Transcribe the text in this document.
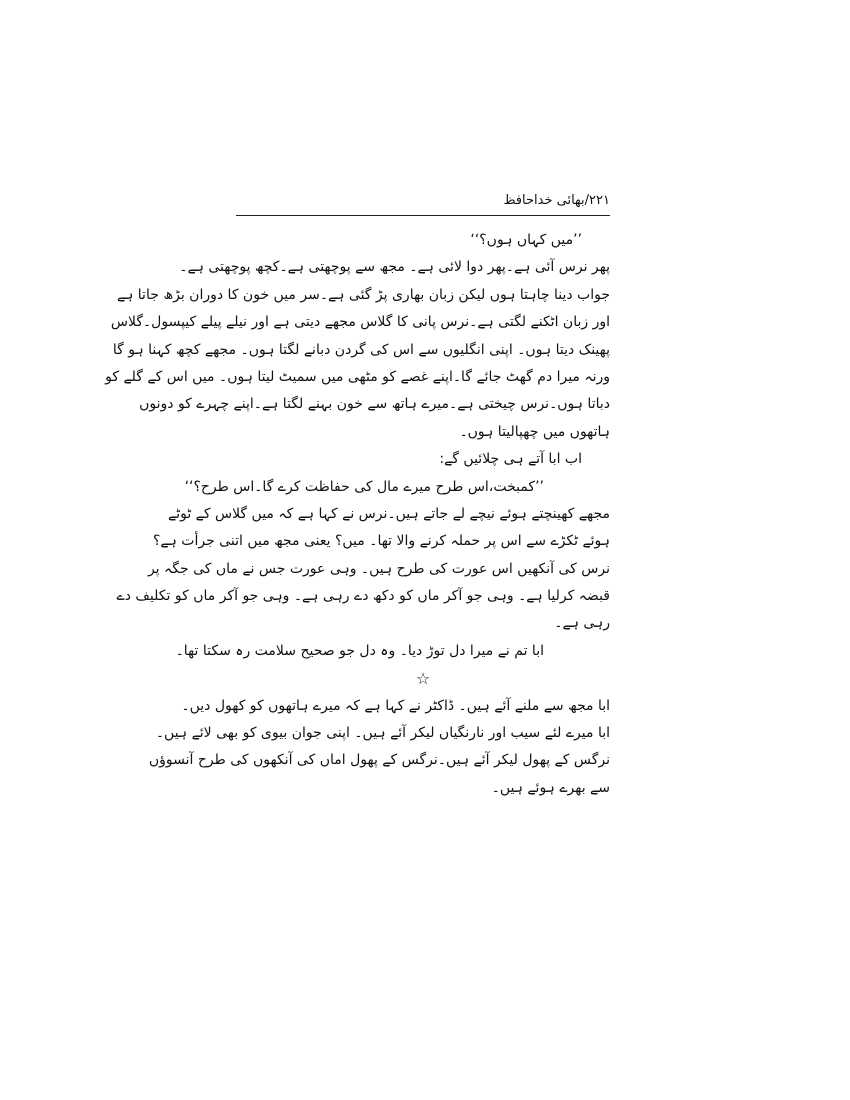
۲۲۱/بھائی خداحافظ
’’میں کہاں ہوں؟‘‘
پھر نرس آئی ہے۔پھر دوا لائی ہے۔ مجھ سے پوچھتی ہے۔کچھ پوچھتی ہے۔
جواب دینا چاہتا ہوں لیکن زبان بھاری پڑ گئی ہے۔سر میں خون کا دوران بڑھ جاتا ہے
اور زبان اٹکنے لگتی ہے۔نرس پانی کا گلاس مجھے دیتی ہے اور نیلے پیلے کیپسول۔گلاس
پھینک دیتا ہوں۔ اپنی انگلیوں سے اس کی گردن دبانے لگتا ہوں۔ مجھے کچھ کہنا ہو گا
ورنہ میرا دم گھٹ جائے گا۔اپنے غصے کو مٹھی میں سمیٹ لیتا ہوں۔ میں اس کے گلے کو
دباتا ہوں۔نرس چیختی ہے۔میرے ہاتھ سے خون بہنے لگتا ہے۔اپنے چہرے کو دونوں
ہاتھوں میں چھپالیتا ہوں۔
اب ابا آتے ہی چلائیں گے:
’’کمبخت،اس طرح میرے مال کی حفاظت کرے گا۔اس طرح؟‘‘
مجھے کھینچتے ہوئے نیچے لے جاتے ہیں۔نرس نے کہا ہے کہ میں گلاس کے ٹوٹے
ہوئے ٹکڑے سے اس پر حملہ کرنے والا تھا۔ میں؟ یعنی مجھ میں اتنی جرأت ہے؟
نرس کی آنکھیں اس عورت کی طرح ہیں۔ وہی عورت جس نے ماں کی جگہ پر
قبضہ کرلیا ہے۔ وہی جو آکر ماں کو دکھ دے رہی ہے۔ وہی جو آکر ماں کو تکلیف دے
رہی ہے۔
ابا تم نے میرا دل توڑ دیا۔ وہ دل جو صحیح سلامت رہ سکتا تھا۔
☆
ابا مجھ سے ملنے آئے ہیں۔ ڈاکٹر نے کہا ہے کہ میرے ہاتھوں کو کھول دیں۔
ابا میرے لئے سیب اور نارنگیاں لیکر آئے ہیں۔ اپنی جوان بیوی کو بھی لائے ہیں۔
نرگس کے پھول لیکر آئے ہیں۔نرگس کے پھول اماں کی آنکھوں کی طرح آنسوؤں
سے بھرے ہوئے ہیں۔
